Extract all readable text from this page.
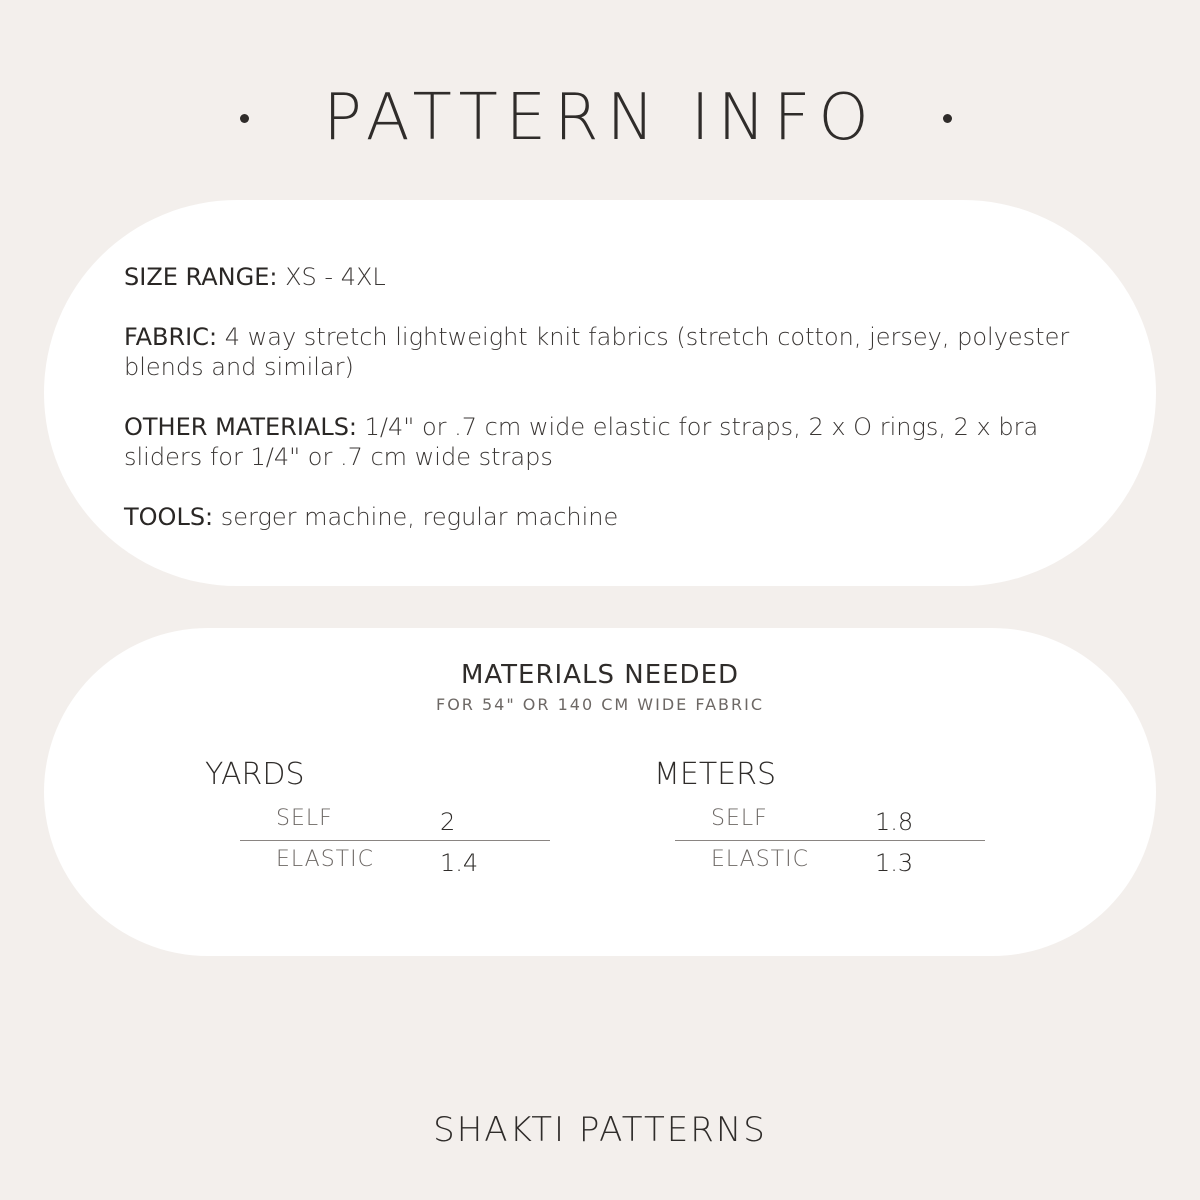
PATTERN INFO
SIZE RANGE: XS - 4XL
FABRIC: 4 way stretch lightweight knit fabrics (stretch cotton, jersey, polyester blends and similar)
OTHER MATERIALS: 1/4" or .7 cm wide elastic for straps, 2 x O rings, 2 x bra sliders for 1/4" or .7 cm wide straps
TOOLS: serger machine, regular machine
MATERIALS NEEDED
FOR 54" OR 140 CM WIDE FABRIC
YARDS
SELF	2
ELASTIC	1.4
METERS
SELF	1.8
ELASTIC	1.3
SHAKTI PATTERNS
